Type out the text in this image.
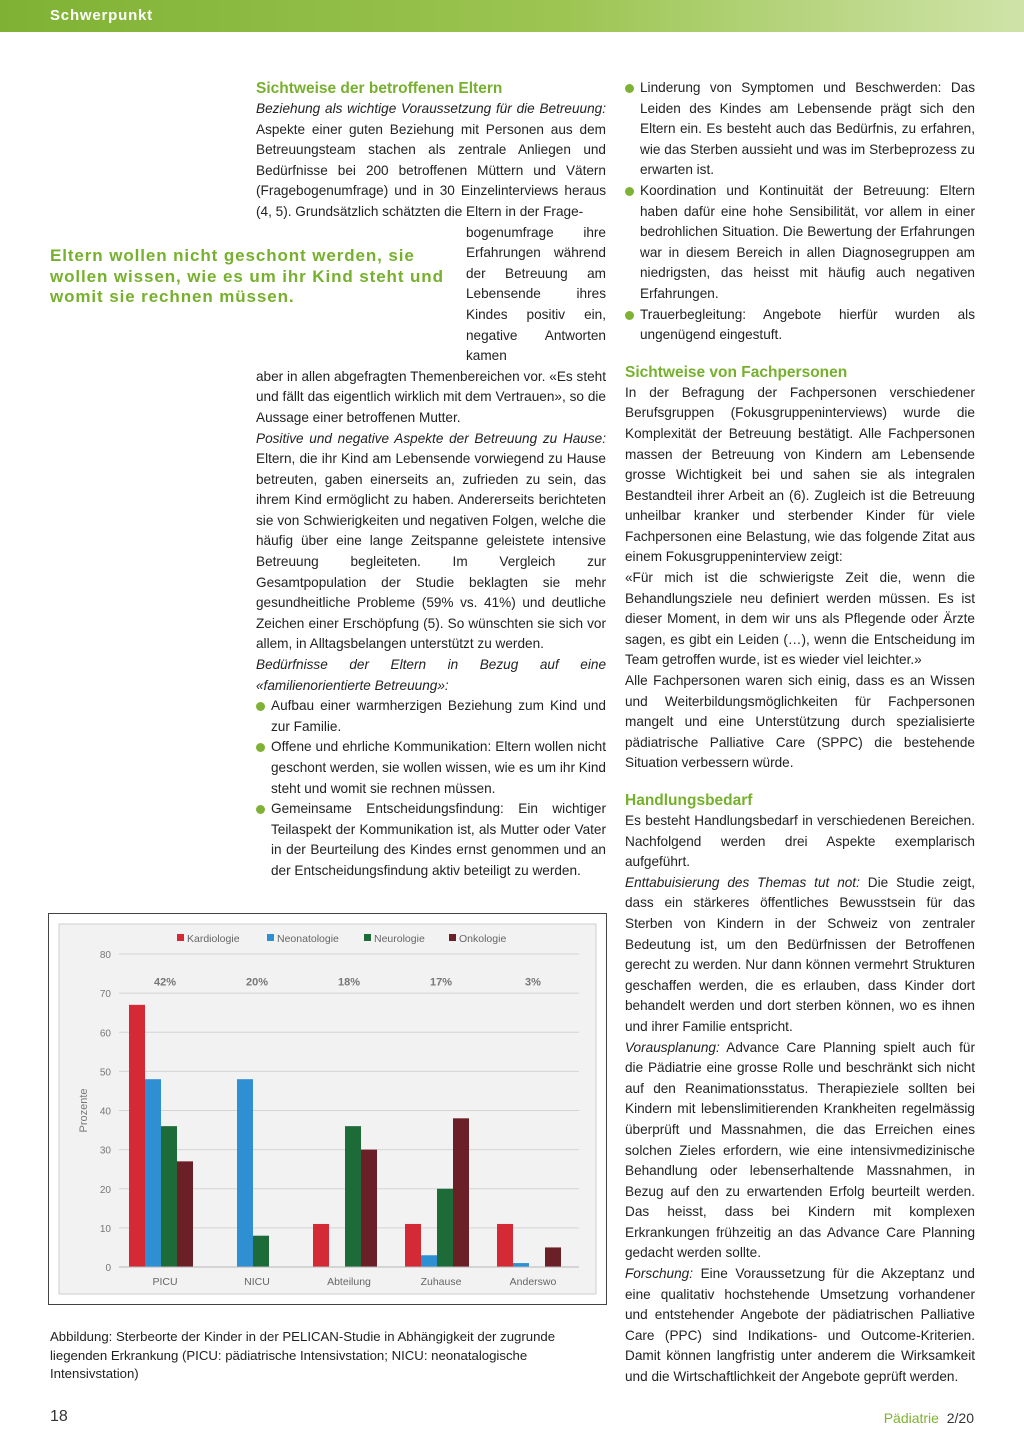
Schwerpunkt
Eltern wollen nicht geschont werden, sie wollen wissen, wie es um ihr Kind steht und womit sie rechnen müssen.
Sichtweise der betroffenen Eltern

Beziehung als wichtige Voraussetzung für die Betreuung: Aspekte einer guten Beziehung mit Personen aus dem Betreuungsteam stachen als zentrale Anliegen und Bedürfnisse bei 200 betroffenen Müttern und Vätern (Fragebogenumfrage) und in 30 Einzelinterviews heraus (4, 5). Grundsätzlich schätzten die Eltern in der Frage-

bogenumfrage ihre Erfahrungen während der Betreuung am Lebensende ihres Kindes positiv ein, negative Antworten kamen

aber in allen abgefragten Themenbereichen vor. «Es steht und fällt das eigentlich wirklich mit dem Vertrauen», so die Aussage einer betroffenen Mutter.

Positive und negative Aspekte der Betreuung zu Hause: Eltern, die ihr Kind am Lebensende vorwiegend zu Hause betreuten, gaben einerseits an, zufrieden zu sein, das ihrem Kind ermöglicht zu haben. Andererseits berichteten sie von Schwierigkeiten und negativen Folgen, welche die häufig über eine lange Zeitspanne geleistete intensive Betreuung begleiteten. Im Vergleich zur Gesamtpopulation der Studie beklagten sie mehr gesundheitliche Probleme (59% vs. 41%) und deutliche Zeichen einer Erschöpfung (5). So wünschten sie sich vor allem, in Alltagsbelangen unterstützt zu werden.

Bedürfnisse der Eltern in Bezug auf eine «familienorientierte Betreuung»:

Aufbau einer warmherzigen Beziehung zum Kind und zur Familie.
Offene und ehrliche Kommunikation: Eltern wollen nicht geschont werden, sie wollen wissen, wie es um ihr Kind steht und womit sie rechnen müssen.
Gemeinsame Entscheidungsfindung: Ein wichtiger Teilaspekt der Kommunikation ist, als Mutter oder Vater in der Beurteilung des Kindes ernst genommen und an der Entscheidungsfindung aktiv beteiligt zu werden.
Linderung von Symptomen und Beschwerden: Das Leiden des Kindes am Lebensende prägt sich den Eltern ein. Es besteht auch das Bedürfnis, zu erfahren, wie das Sterben aussieht und was im Sterbeprozess zu erwarten ist.
Koordination und Kontinuität der Betreuung: Eltern haben dafür eine hohe Sensibilität, vor allem in einer bedrohlichen Situation. Die Bewertung der Erfahrungen war in diesem Bereich in allen Diagnosegruppen am niedrigsten, das heisst mit häufig auch negativen Erfahrungen.
Trauerbegleitung: Angebote hierfür wurden als ungenügend eingestuft.
Sichtweise von Fachpersonen

In der Befragung der Fachpersonen verschiedener Berufsgruppen (Fokusgruppeninterviews) wurde die Komplexität der Betreuung bestätigt. Alle Fachpersonen massen der Betreuung von Kindern am Lebensende grosse Wichtigkeit bei und sahen sie als integralen Bestandteil ihrer Arbeit an (6). Zugleich ist die Betreuung unheilbar kranker und sterbender Kinder für viele Fachpersonen eine Belastung, wie das folgende Zitat aus einem Fokusgruppeninterview zeigt:

«Für mich ist die schwierigste Zeit die, wenn die Behandlungsziele neu definiert werden müssen. Es ist dieser Moment, in dem wir uns als Pflegende oder Ärzte sagen, es gibt ein Leiden (…), wenn die Entscheidung im Team getroffen wurde, ist es wieder viel leichter.»

Alle Fachpersonen waren sich einig, dass es an Wissen und Weiterbildungsmöglichkeiten für Fachpersonen mangelt und eine Unterstützung durch spezialisierte pädiatrische Palliative Care (SPPC) die bestehende Situation verbessern würde.

Handlungsbedarf

Es besteht Handlungsbedarf in verschiedenen Bereichen. Nachfolgend werden drei Aspekte exemplarisch aufgeführt.

Enttabuisierung des Themas tut not: Die Studie zeigt, dass ein stärkeres öffentliches Bewusstsein für das Sterben von Kindern in der Schweiz von zentraler Bedeutung ist, um den Bedürfnissen der Betroffenen gerecht zu werden. Nur dann können vermehrt Strukturen geschaffen werden, die es erlauben, dass Kinder dort behandelt werden und dort sterben können, wo es ihnen und ihrer Familie entspricht.

Vorausplanung: Advance Care Planning spielt auch für die Pädiatrie eine grosse Rolle und beschränkt sich nicht auf den Reanimationsstatus. Therapieziele sollten bei Kindern mit lebenslimitierenden Krankheiten regelmässig überprüft und Massnahmen, die das Erreichen eines solchen Zieles erfordern, wie eine intensivmedizinische Behandlung oder lebenserhaltende Massnahmen, in Bezug auf den zu erwartenden Erfolg beurteilt werden. Das heisst, dass bei Kindern mit komplexen Erkrankungen frühzeitig an das Advance Care Planning gedacht werden sollte.

Forschung: Eine Voraussetzung für die Akzeptanz und eine qualitativ hochstehende Umsetzung vorhandener und entstehender Angebote der pädiatrischen Palliative Care (PPC) sind Indikations- und Outcome-Kriterien. Damit können langfristig unter anderem die Wirksamkeit und die Wirtschaftlichkeit der Angebote geprüft werden.

0
10
20
30
40
50
60
70
80
Prozente
Kardiologie	Neonatologie	Neurologie	Onkologie
PICU
42%
NICU
20%
Abteilung
18%
Zuhause
17%
Anderswo
3%
Abbildung: Sterbeorte der Kinder in der PELICAN-Studie in Abhängigkeit der zugrunde liegenden Erkrankung (PICU: pädiatrische Intensivstation; NICU: neonatalogische Intensivstation)
18	Pädiatrie 2/20
